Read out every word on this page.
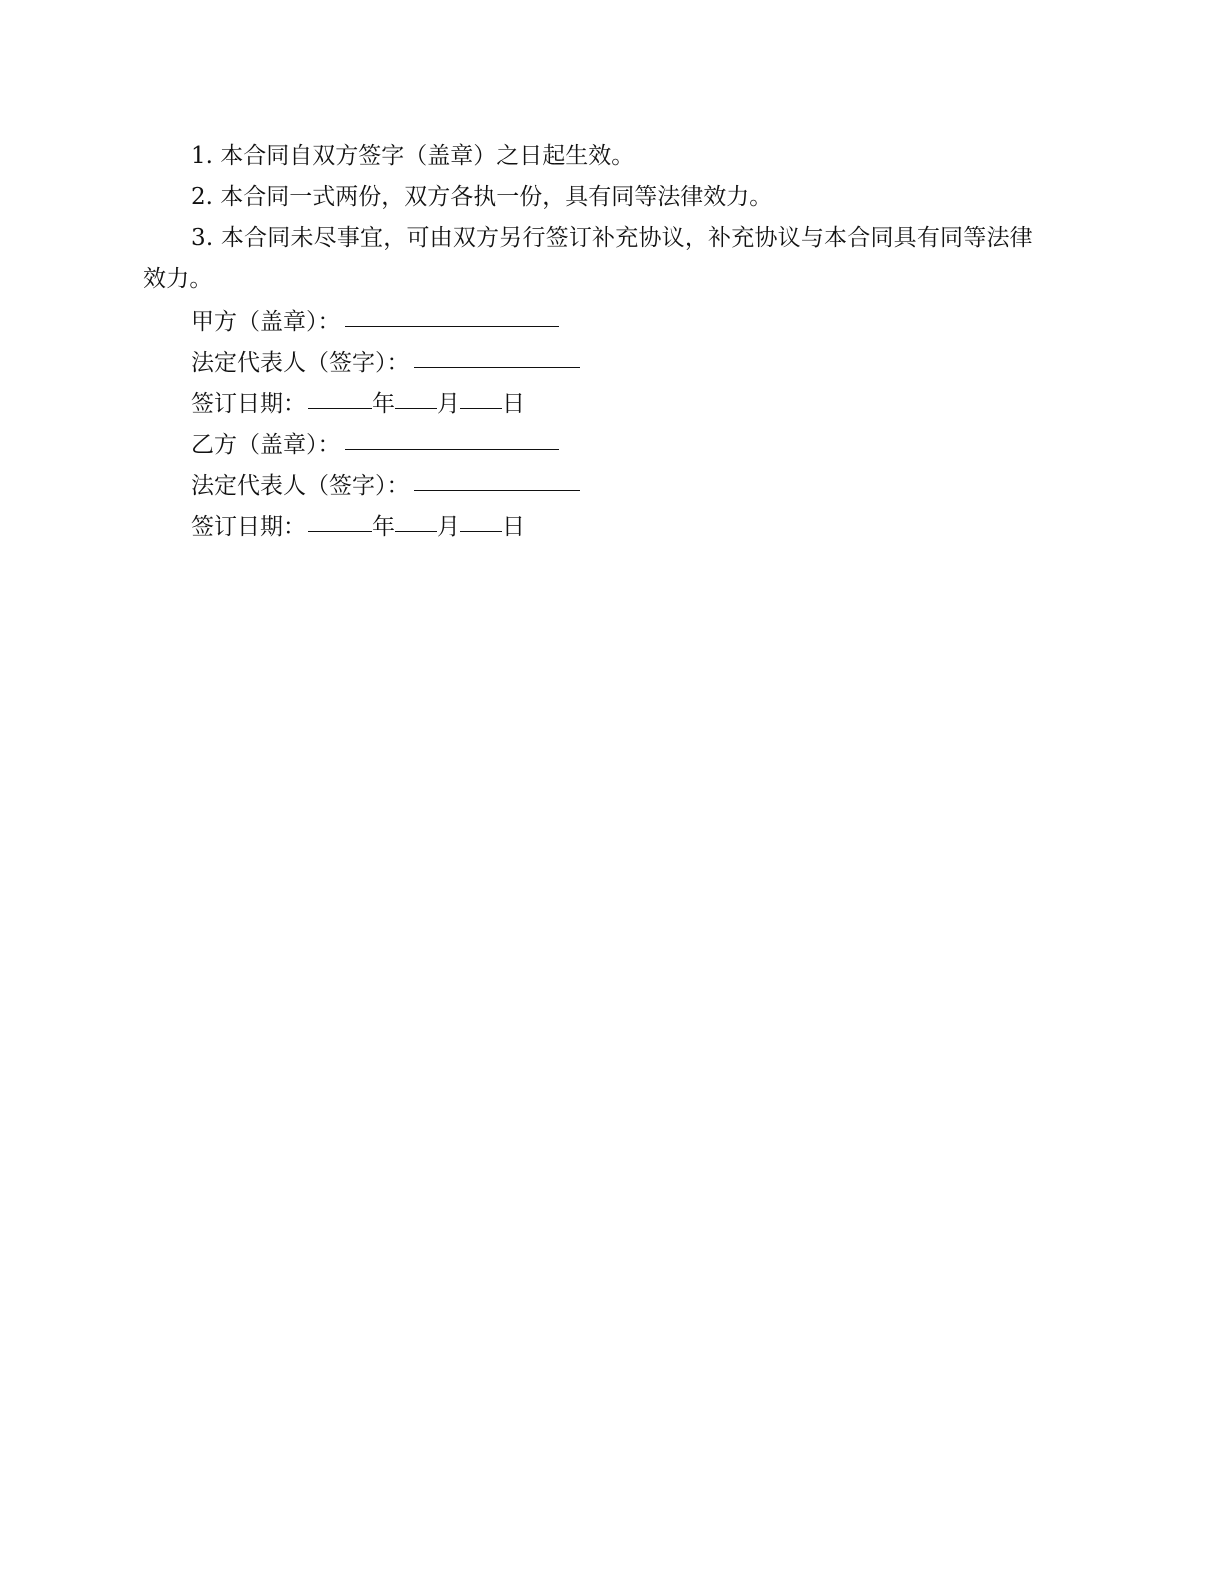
1. 本合同自双方签字（盖章）之日起生效。
2. 本合同一式两份，双方各执一份，具有同等法律效力。
3. 本合同未尽事宜，可由双方另行签订补充协议，补充协议与本合同具有同等法律效力。
甲方（盖章）：
法定代表人（签字）：
签订日期：	年 月 日
乙方（盖章）：
法定代表人（签字）：
签订日期：	年 月 日
